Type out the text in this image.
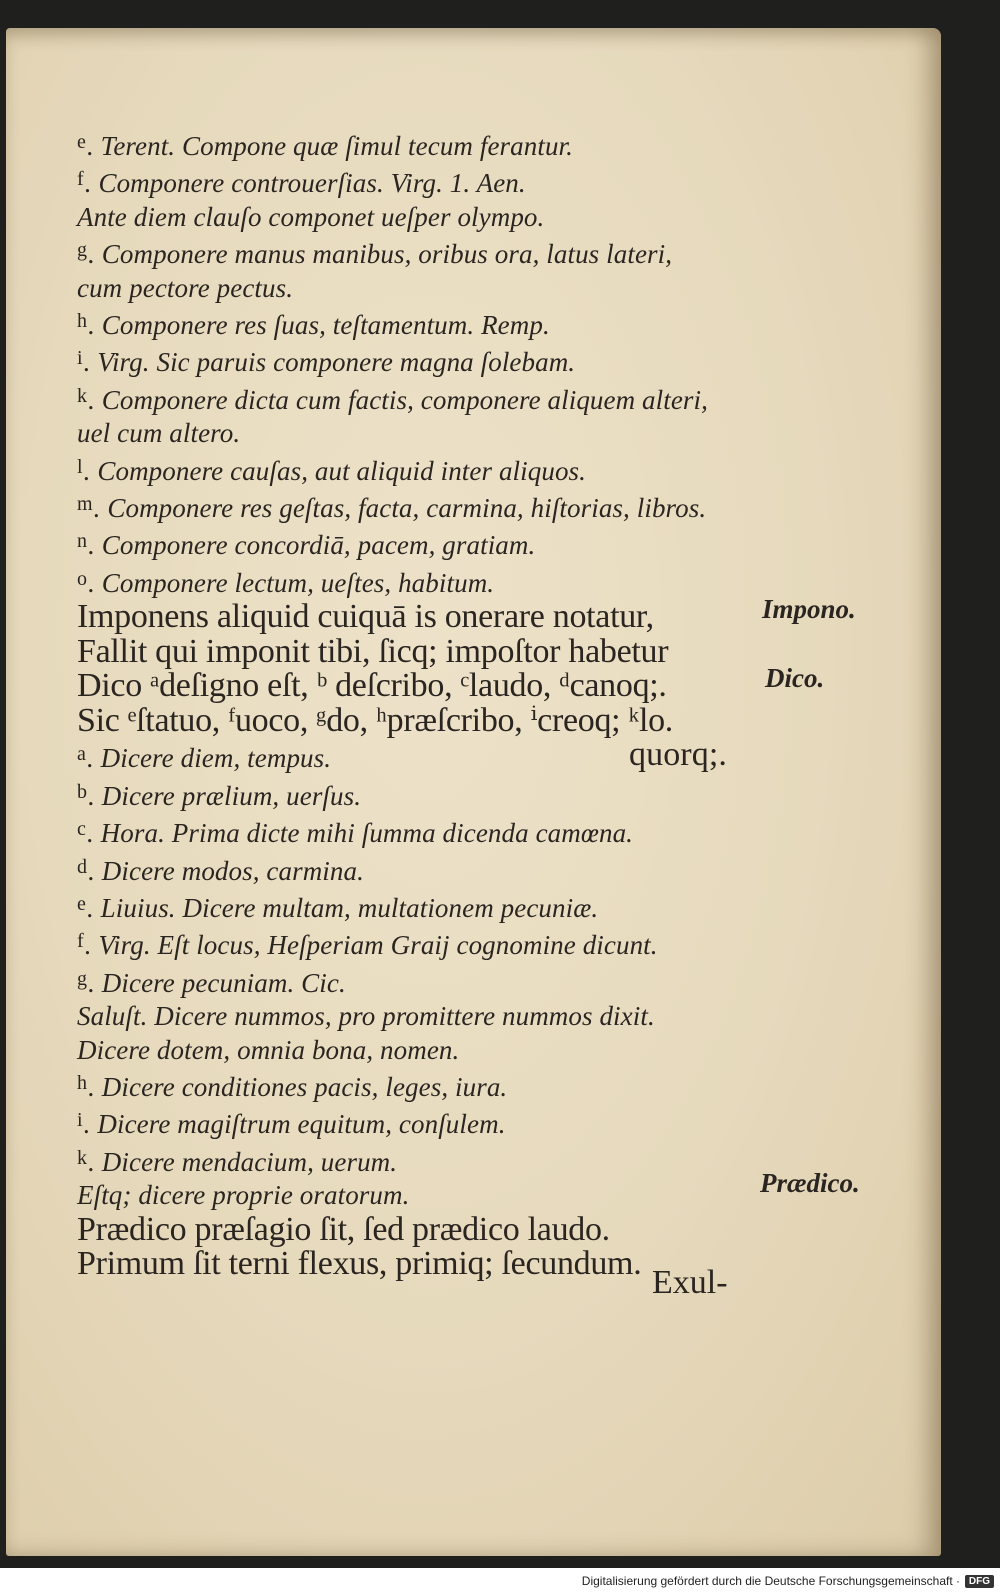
$^e$. Terent. Compone quæ ſimul tecum ferantur.
$^f$. Componere controuerſias. Virg. 1. Aen.
Ante diem clauſo componet ueſper olympo.
$^g$. Componere manus manibus, oribus ora, latus lateri,
cum pectore pectus.
$^h$. Componere res ſuas, teſtamentum. Remp.
$^i$. Virg. Sic paruis componere magna ſolebam.
$^k$. Componere dicta cum factis, componere aliquem alteri,
uel cum altero.
$^l$. Componere cauſas, aut aliquid inter aliquos.
$^m$. Componere res geſtas, facta, carmina, hiſtorias, libros.
$^n$. Componere concordiā, pacem, gratiam.
$^o$. Componere lectum, ueſtes, habitum.
Imponens aliquid cuiquā is onerare notatur,
Fallit qui imponit tibi, ſicq; impoſtor habetur
Dico ᵃdeſigno eſt, ᵇ deſcribo, ᶜlaudo, ᵈcanoq;.
Sic ᵉſtatuo, ᶠuoco, ᵍdo, ʰpræſcribo, ⁱcreoq; ᵏlo.
$^a$. Dicere diem, tempus.	quorq;.
$^b$. Dicere prælium, uerſus.
$^c$. Hora. Prima dicte mihi ſumma dicenda camœna.
$^d$. Dicere modos, carmina.
$^e$. Liuius. Dicere multam, multationem pecuniæ.
$^f$. Virg. Eſt locus, Heſperiam Graij cognomine dicunt.
$^g$. Dicere pecuniam. Cic.
Saluſt. Dicere nummos, pro promittere nummos dixit.
Dicere dotem, omnia bona, nomen.
$^h$. Dicere conditiones pacis, leges, iura.
$^i$. Dicere magiſtrum equitum, conſulem.
$^k$. Dicere mendacium, uerum.
Eſtq; dicere proprie oratorum.
Prædico præſagio ſit, ſed prædico laudo.
Primum ſit terni flexus, primiq; ſecundum.
Impono.
Dico.
Prædico.
Exul-
Digitalisierung gefördert durch die Deutsche Forschungsgemeinschaft · DFG
